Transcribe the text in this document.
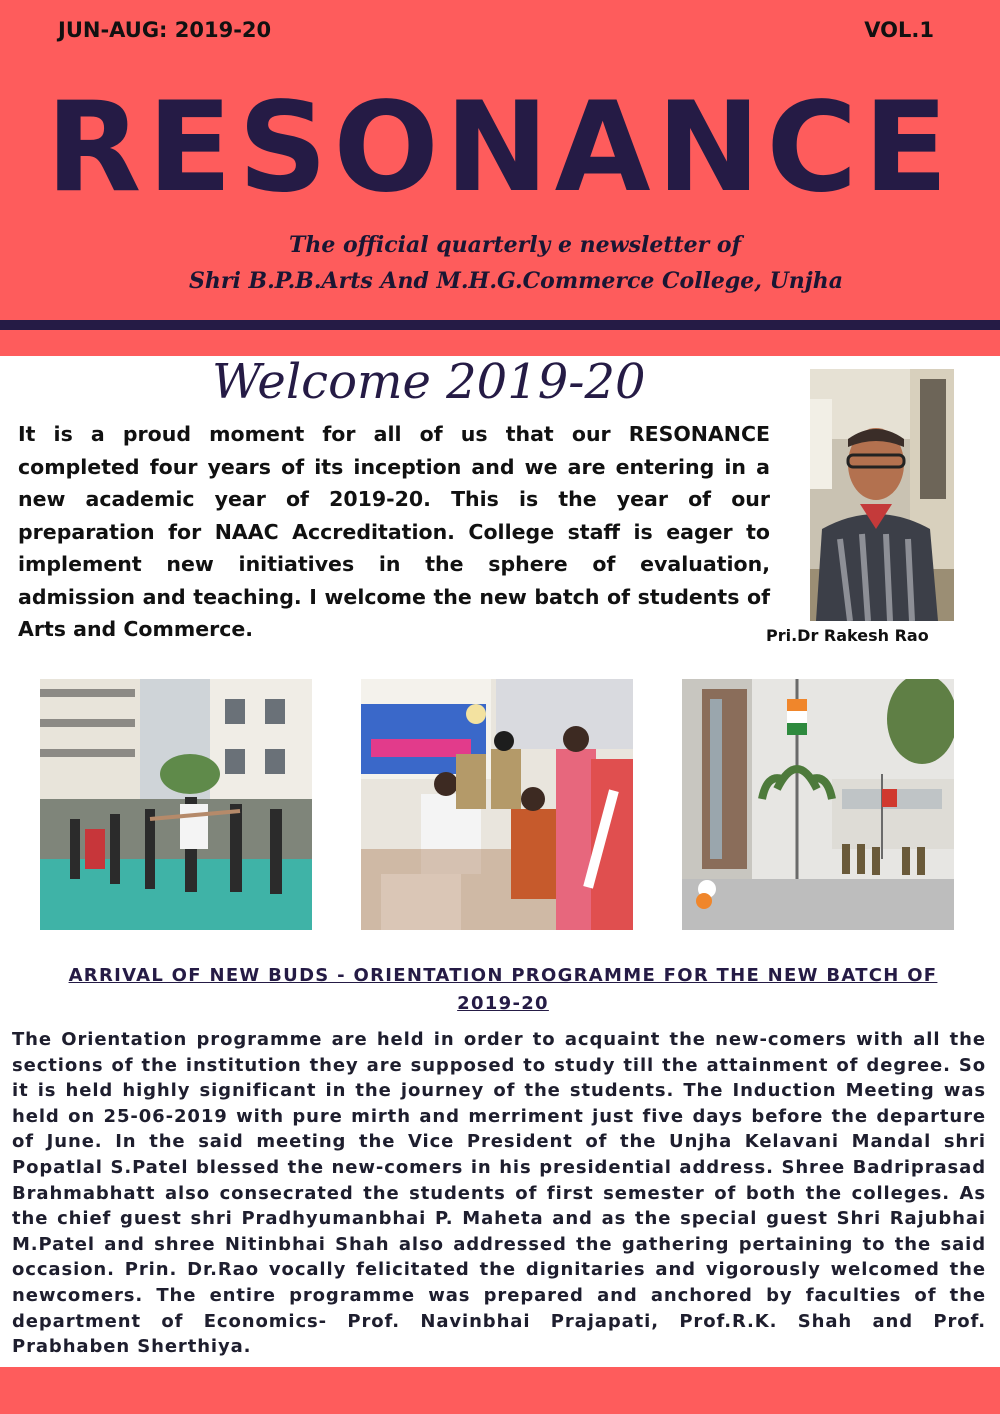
JUN-AUG: 2019-20	VOL.1
RESONANCE
The official quarterly e newsletter of
Shri B.P.B.Arts And M.H.G.Commerce College, Unjha
Welcome 2019-20
It is a proud moment for all of us that our RESONANCE completed four years of its inception and we are entering in a new academic year of 2019-20. This is the year of our preparation for NAAC Accreditation. College staff is eager to implement new initiatives in the sphere of evaluation, admission and teaching. I welcome the new batch of students of Arts and Commerce.	Pri.Dr Rakesh Rao
ARRIVAL OF NEW BUDS - ORIENTATION PROGRAMME FOR THE NEW BATCH OF 2019-20
The Orientation programme are held in order to acquaint the new-comers with all the sections of the institution they are supposed to study till the attainment of degree. So it is held highly significant in the journey of the students. The Induction Meeting was held on 25-06-2019 with pure mirth and merriment just five days before the departure of June. In the said meeting the Vice President of the Unjha Kelavani Mandal shri Popatlal S.Patel blessed the new-comers in his presidential address. Shree Badriprasad Brahmabhatt also consecrated the students of first semester of both the colleges. As the chief guest shri Pradhyumanbhai P. Maheta and as the special guest Shri Rajubhai M.Patel and shree Nitinbhai Shah also addressed the gathering pertaining to the said occasion. Prin. Dr.Rao vocally felicitated the dignitaries and vigorously welcomed the newcomers. The entire programme was prepared and anchored by faculties of the department of Economics- Prof. Navinbhai Prajapati, Prof.R.K. Shah and Prof. Prabhaben Sherthiya.
